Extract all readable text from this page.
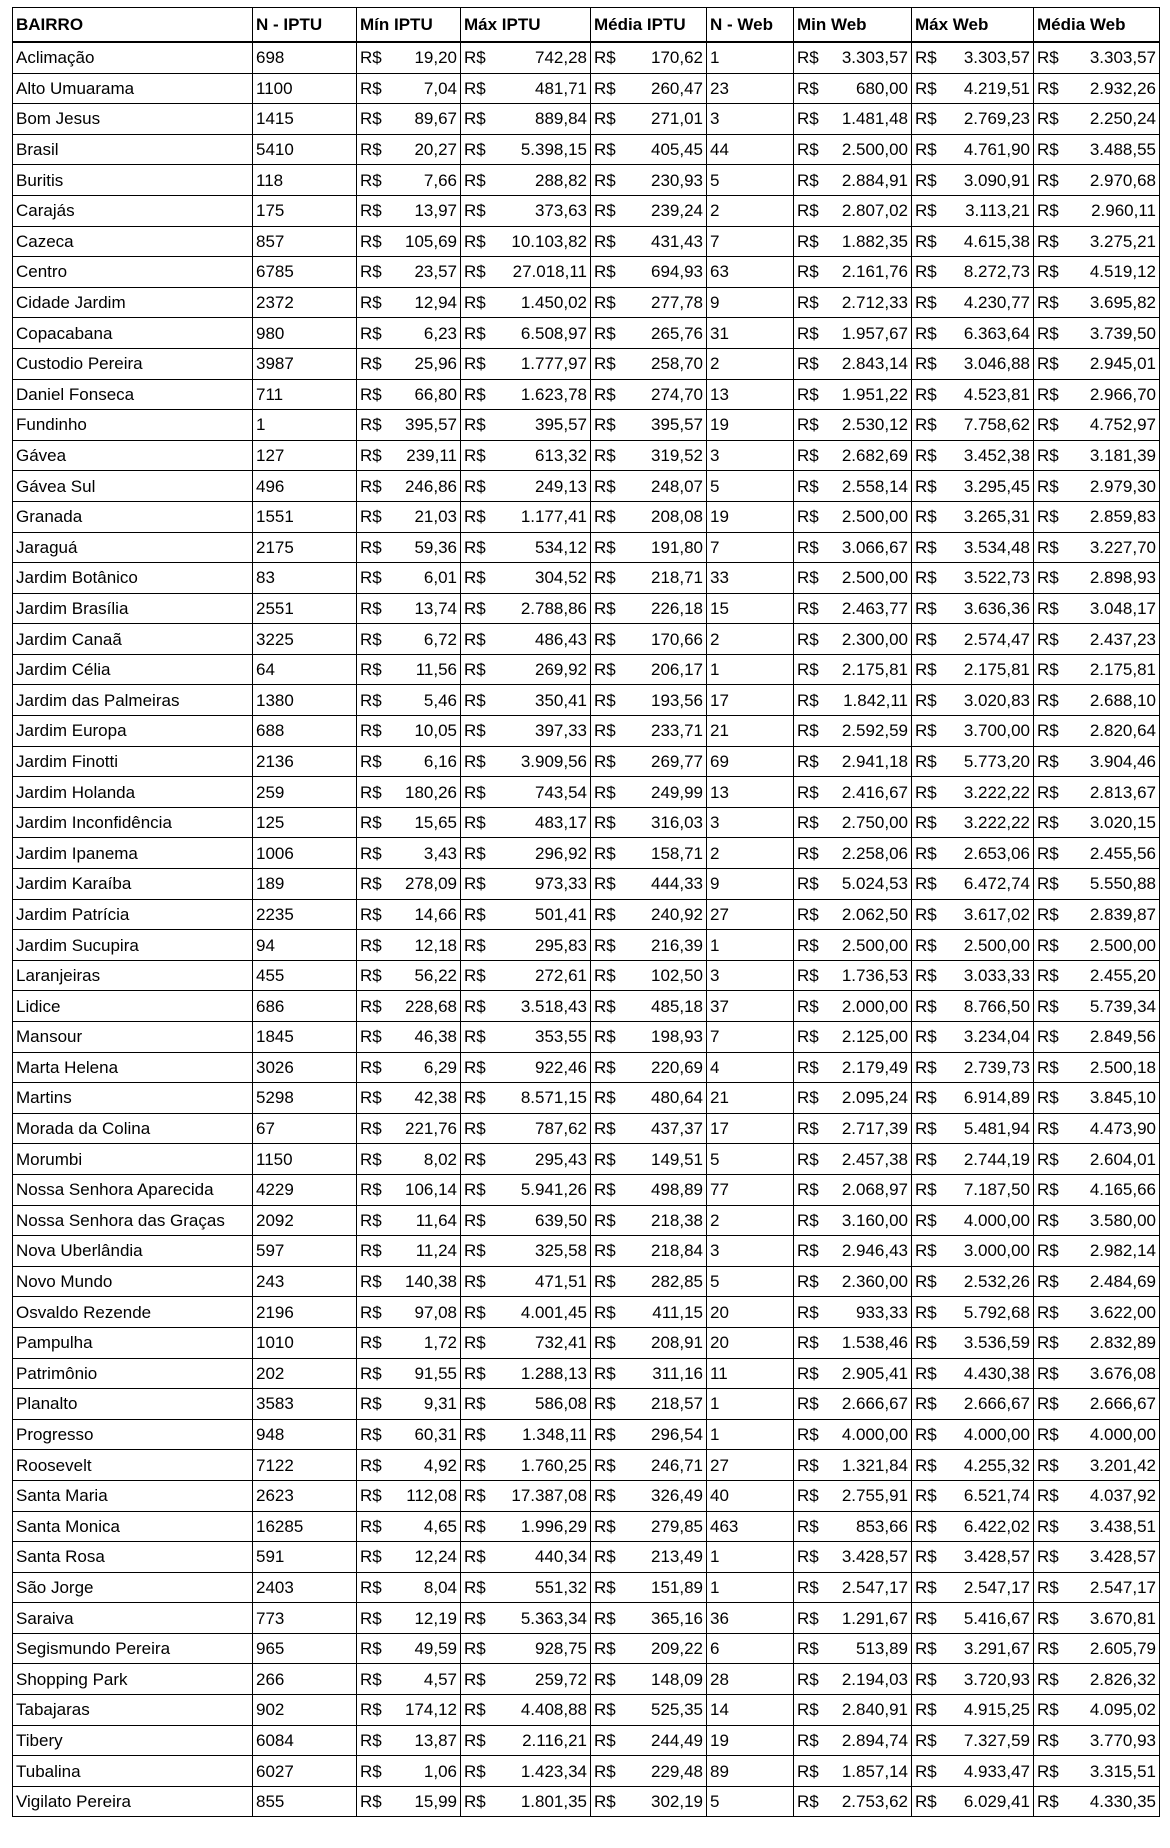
BAIRRO	N - IPTU	Mín IPTU	Máx IPTU	Média IPTU	N - Web	Min Web	Máx Web	Média Web
Aclimação	698	R$ 19,20	R$ 742,28	R$ 170,62	1	R$ 3.303,57	R$ 3.303,57	R$ 3.303,57

Alto Umuarama	1100	R$ 7,04	R$ 481,71	R$ 260,47	23	R$ 680,00	R$ 4.219,51	R$ 2.932,26

Bom Jesus	1415	R$ 89,67	R$ 889,84	R$ 271,01	3	R$ 1.481,48	R$ 2.769,23	R$ 2.250,24

Brasil	5410	R$ 20,27	R$ 5.398,15	R$ 405,45	44	R$ 2.500,00	R$ 4.761,90	R$ 3.488,55

Buritis	118	R$ 7,66	R$ 288,82	R$ 230,93	5	R$ 2.884,91	R$ 3.090,91	R$ 2.970,68

Carajás	175	R$ 13,97	R$ 373,63	R$ 239,24	2	R$ 2.807,02	R$ 3.113,21	R$ 2.960,11

Cazeca	857	R$ 105,69	R$ 10.103,82	R$ 431,43	7	R$ 1.882,35	R$ 4.615,38	R$ 3.275,21

Centro	6785	R$ 23,57	R$ 27.018,11	R$ 694,93	63	R$ 2.161,76	R$ 8.272,73	R$ 4.519,12

Cidade Jardim	2372	R$ 12,94	R$ 1.450,02	R$ 277,78	9	R$ 2.712,33	R$ 4.230,77	R$ 3.695,82

Copacabana	980	R$ 6,23	R$ 6.508,97	R$ 265,76	31	R$ 1.957,67	R$ 6.363,64	R$ 3.739,50

Custodio Pereira	3987	R$ 25,96	R$ 1.777,97	R$ 258,70	2	R$ 2.843,14	R$ 3.046,88	R$ 2.945,01

Daniel Fonseca	711	R$ 66,80	R$ 1.623,78	R$ 274,70	13	R$ 1.951,22	R$ 4.523,81	R$ 2.966,70

Fundinho	1	R$ 395,57	R$ 395,57	R$ 395,57	19	R$ 2.530,12	R$ 7.758,62	R$ 4.752,97

Gávea	127	R$ 239,11	R$ 613,32	R$ 319,52	3	R$ 2.682,69	R$ 3.452,38	R$ 3.181,39

Gávea Sul	496	R$ 246,86	R$ 249,13	R$ 248,07	5	R$ 2.558,14	R$ 3.295,45	R$ 2.979,30

Granada	1551	R$ 21,03	R$ 1.177,41	R$ 208,08	19	R$ 2.500,00	R$ 3.265,31	R$ 2.859,83

Jaraguá	2175	R$ 59,36	R$ 534,12	R$ 191,80	7	R$ 3.066,67	R$ 3.534,48	R$ 3.227,70

Jardim Botânico	83	R$ 6,01	R$ 304,52	R$ 218,71	33	R$ 2.500,00	R$ 3.522,73	R$ 2.898,93

Jardim Brasília	2551	R$ 13,74	R$ 2.788,86	R$ 226,18	15	R$ 2.463,77	R$ 3.636,36	R$ 3.048,17

Jardim Canaã	3225	R$ 6,72	R$ 486,43	R$ 170,66	2	R$ 2.300,00	R$ 2.574,47	R$ 2.437,23

Jardim Célia	64	R$ 11,56	R$ 269,92	R$ 206,17	1	R$ 2.175,81	R$ 2.175,81	R$ 2.175,81

Jardim das Palmeiras	1380	R$ 5,46	R$ 350,41	R$ 193,56	17	R$ 1.842,11	R$ 3.020,83	R$ 2.688,10

Jardim Europa	688	R$ 10,05	R$ 397,33	R$ 233,71	21	R$ 2.592,59	R$ 3.700,00	R$ 2.820,64

Jardim Finotti	2136	R$ 6,16	R$ 3.909,56	R$ 269,77	69	R$ 2.941,18	R$ 5.773,20	R$ 3.904,46

Jardim Holanda	259	R$ 180,26	R$ 743,54	R$ 249,99	13	R$ 2.416,67	R$ 3.222,22	R$ 2.813,67

Jardim Inconfidência	125	R$ 15,65	R$ 483,17	R$ 316,03	3	R$ 2.750,00	R$ 3.222,22	R$ 3.020,15

Jardim Ipanema	1006	R$ 3,43	R$ 296,92	R$ 158,71	2	R$ 2.258,06	R$ 2.653,06	R$ 2.455,56

Jardim Karaíba	189	R$ 278,09	R$ 973,33	R$ 444,33	9	R$ 5.024,53	R$ 6.472,74	R$ 5.550,88

Jardim Patrícia	2235	R$ 14,66	R$ 501,41	R$ 240,92	27	R$ 2.062,50	R$ 3.617,02	R$ 2.839,87

Jardim Sucupira	94	R$ 12,18	R$ 295,83	R$ 216,39	1	R$ 2.500,00	R$ 2.500,00	R$ 2.500,00

Laranjeiras	455	R$ 56,22	R$ 272,61	R$ 102,50	3	R$ 1.736,53	R$ 3.033,33	R$ 2.455,20

Lidice	686	R$ 228,68	R$ 3.518,43	R$ 485,18	37	R$ 2.000,00	R$ 8.766,50	R$ 5.739,34

Mansour	1845	R$ 46,38	R$ 353,55	R$ 198,93	7	R$ 2.125,00	R$ 3.234,04	R$ 2.849,56

Marta Helena	3026	R$ 6,29	R$ 922,46	R$ 220,69	4	R$ 2.179,49	R$ 2.739,73	R$ 2.500,18

Martins	5298	R$ 42,38	R$ 8.571,15	R$ 480,64	21	R$ 2.095,24	R$ 6.914,89	R$ 3.845,10

Morada da Colina	67	R$ 221,76	R$ 787,62	R$ 437,37	17	R$ 2.717,39	R$ 5.481,94	R$ 4.473,90

Morumbi	1150	R$ 8,02	R$ 295,43	R$ 149,51	5	R$ 2.457,38	R$ 2.744,19	R$ 2.604,01

Nossa Senhora Aparecida	4229	R$ 106,14	R$ 5.941,26	R$ 498,89	77	R$ 2.068,97	R$ 7.187,50	R$ 4.165,66

Nossa Senhora das Graças	2092	R$ 11,64	R$ 639,50	R$ 218,38	2	R$ 3.160,00	R$ 4.000,00	R$ 3.580,00

Nova Uberlândia	597	R$ 11,24	R$ 325,58	R$ 218,84	3	R$ 2.946,43	R$ 3.000,00	R$ 2.982,14

Novo Mundo	243	R$ 140,38	R$ 471,51	R$ 282,85	5	R$ 2.360,00	R$ 2.532,26	R$ 2.484,69

Osvaldo Rezende	2196	R$ 97,08	R$ 4.001,45	R$ 411,15	20	R$ 933,33	R$ 5.792,68	R$ 3.622,00

Pampulha	1010	R$ 1,72	R$ 732,41	R$ 208,91	20	R$ 1.538,46	R$ 3.536,59	R$ 2.832,89

Patrimônio	202	R$ 91,55	R$ 1.288,13	R$ 311,16	11	R$ 2.905,41	R$ 4.430,38	R$ 3.676,08

Planalto	3583	R$ 9,31	R$ 586,08	R$ 218,57	1	R$ 2.666,67	R$ 2.666,67	R$ 2.666,67

Progresso	948	R$ 60,31	R$ 1.348,11	R$ 296,54	1	R$ 4.000,00	R$ 4.000,00	R$ 4.000,00

Roosevelt	7122	R$ 4,92	R$ 1.760,25	R$ 246,71	27	R$ 1.321,84	R$ 4.255,32	R$ 3.201,42

Santa Maria	2623	R$ 112,08	R$ 17.387,08	R$ 326,49	40	R$ 2.755,91	R$ 6.521,74	R$ 4.037,92

Santa Monica	16285	R$ 4,65	R$ 1.996,29	R$ 279,85	463	R$ 853,66	R$ 6.422,02	R$ 3.438,51

Santa Rosa	591	R$ 12,24	R$ 440,34	R$ 213,49	1	R$ 3.428,57	R$ 3.428,57	R$ 3.428,57

São Jorge	2403	R$ 8,04	R$ 551,32	R$ 151,89	1	R$ 2.547,17	R$ 2.547,17	R$ 2.547,17

Saraiva	773	R$ 12,19	R$ 5.363,34	R$ 365,16	36	R$ 1.291,67	R$ 5.416,67	R$ 3.670,81

Segismundo Pereira	965	R$ 49,59	R$ 928,75	R$ 209,22	6	R$ 513,89	R$ 3.291,67	R$ 2.605,79

Shopping Park	266	R$ 4,57	R$ 259,72	R$ 148,09	28	R$ 2.194,03	R$ 3.720,93	R$ 2.826,32

Tabajaras	902	R$ 174,12	R$ 4.408,88	R$ 525,35	14	R$ 2.840,91	R$ 4.915,25	R$ 4.095,02

Tibery	6084	R$ 13,87	R$ 2.116,21	R$ 244,49	19	R$ 2.894,74	R$ 7.327,59	R$ 3.770,93

Tubalina	6027	R$ 1,06	R$ 1.423,34	R$ 229,48	89	R$ 1.857,14	R$ 4.933,47	R$ 3.315,51

Vigilato Pereira	855	R$ 15,99	R$ 1.801,35	R$ 302,19	5	R$ 2.753,62	R$ 6.029,41	R$ 4.330,35
